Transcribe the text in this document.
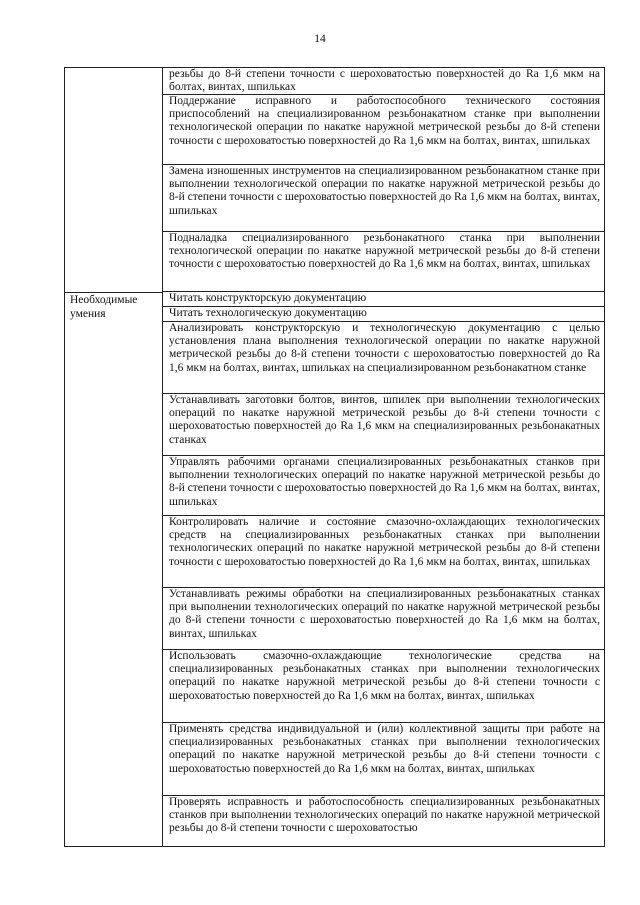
14
Необходимые
умения
резьбы до 8-й степени точности с шероховатостью поверхностей до Ra 1,6 мкм на болтах, винтах, шпильках
Поддержание исправного и работоспособного технического состояния приспособлений на специализированном резьбонакатном станке при выполнении технологической операции по накатке наружной метрической резьбы до 8-й степени точности с шероховатостью поверхностей до Ra 1,6 мкм на болтах, винтах, шпильках
Замена изношенных инструментов на специализированном резьбонакатном станке при выполнении технологической операции по накатке наружной метрической резьбы до 8-й степени точности с шероховатостью поверхностей до Ra 1,6 мкм на болтах, винтах, шпильках
Подналадка специализированного резьбонакатного станка при выполнении технологической операции по накатке наружной метрической резьбы до 8-й степени точности с шероховатостью поверхностей до Ra 1,6 мкм на болтах, винтах, шпильках
Читать конструкторскую документацию
Читать технологическую документацию
Анализировать конструкторскую и технологическую документацию с целью установления плана выполнения технологической операции по накатке наружной метрической резьбы до 8-й степени точности с шероховатостью поверхностей до Ra 1,6 мкм на болтах, винтах, шпильках на специализированном резьбонакатном станке
Устанавливать заготовки болтов, винтов, шпилек при выполнении технологических операций по накатке наружной метрической резьбы до 8-й степени точности с шероховатостью поверхностей до Ra 1,6 мкм на специализированных резьбонакатных станках
Управлять рабочими органами специализированных резьбонакатных станков при выполнении технологических операций по накатке наружной метрической резьбы до 8-й степени точности с шероховатостью поверхностей до Ra 1,6 мкм на болтах, винтах, шпильках
Контролировать наличие и состояние смазочно-охлаждающих технологических средств на специализированных резьбонакатных станках при выполнении технологических операций по накатке наружной метрической резьбы до 8-й степени точности с шероховатостью поверхностей до Ra 1,6 мкм на болтах, винтах, шпильках
Устанавливать режимы обработки на специализированных резьбонакатных станках при выполнении технологических операций по накатке наружной метрической резьбы до 8-й степени точности с шероховатостью поверхностей до Ra 1,6 мкм на болтах, винтах, шпильках
Использовать смазочно-охлаждающие технологические средства на специализированных резьбонакатных станках при выполнении технологических операций по накатке наружной метрической резьбы до 8-й степени точности с шероховатостью поверхностей до Ra 1,6 мкм на болтах, винтах, шпильках
Применять средства индивидуальной и (или) коллективной защиты при работе на специализированных резьбонакатных станках при выполнении технологических операций по накатке наружной метрической резьбы до 8-й степени точности с шероховатостью поверхностей до Ra 1,6 мкм на болтах, винтах, шпильках
Проверять исправность и работоспособность специализированных резьбонакатных станков при выполнении технологических операций по накатке наружной метрической резьбы до 8-й степени точности с шероховатостью
